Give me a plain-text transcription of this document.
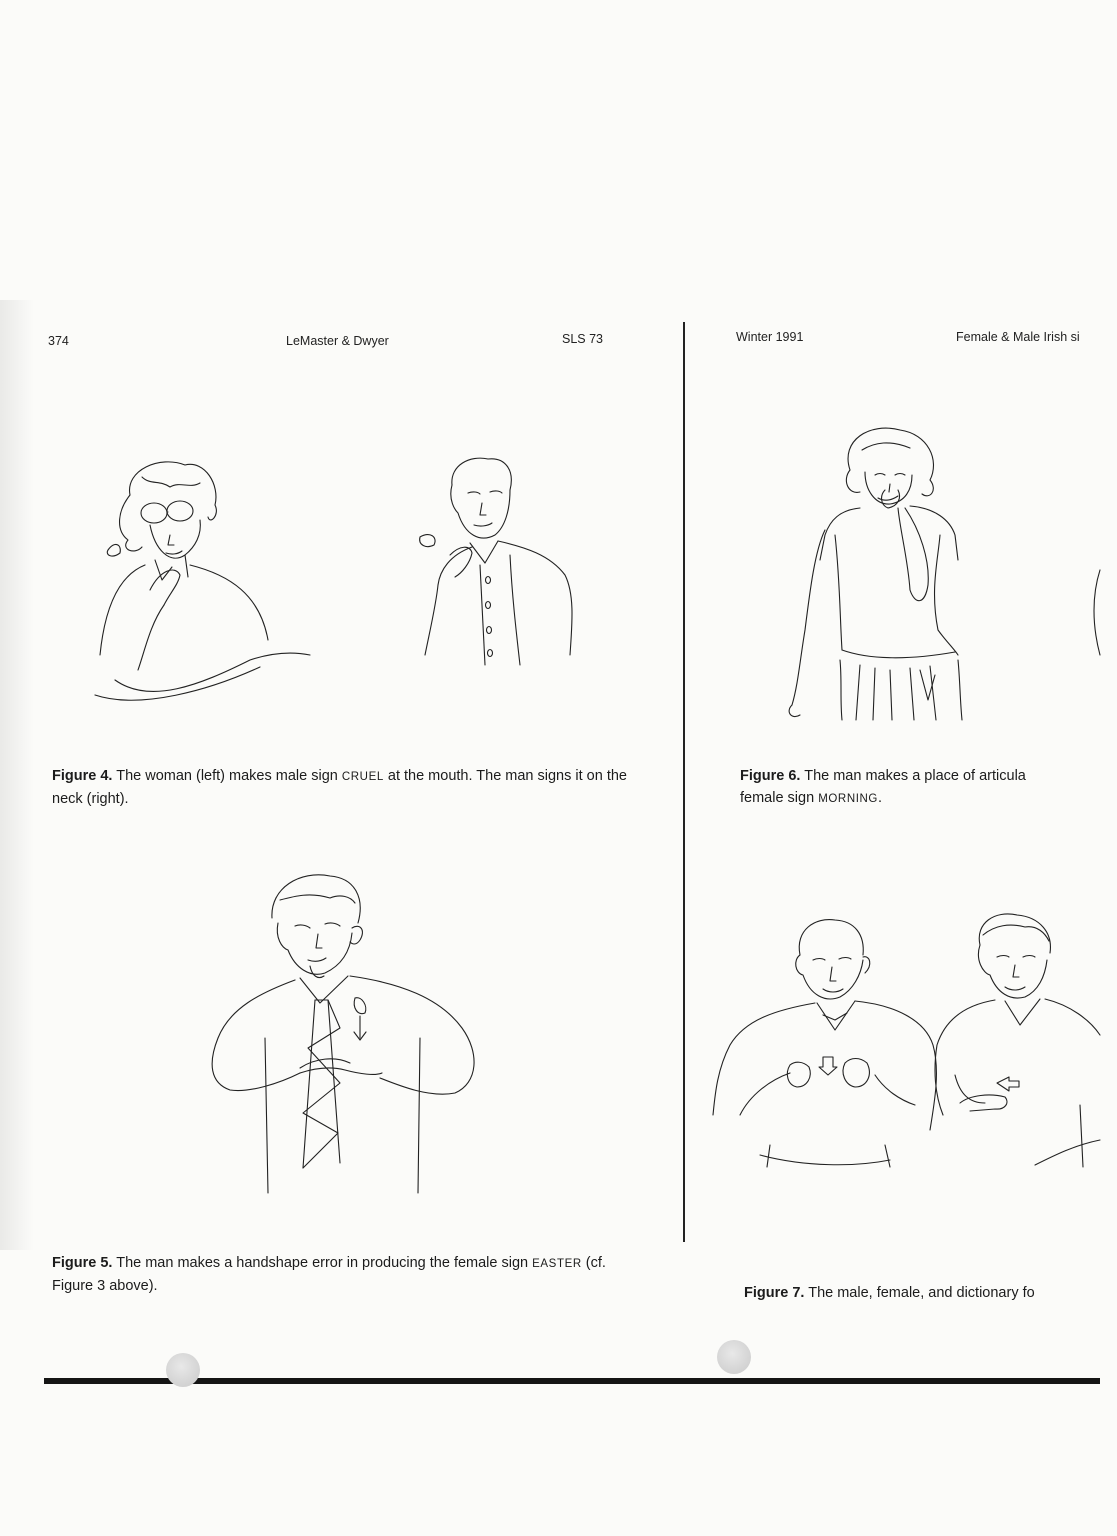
374	LeMaster & Dwyer	SLS 73	Winter 1991	Female & Male Irish si
Figure 4. The woman (left) makes male sign CRUEL at the mouth. The man signs it on the neck (right).
Figure 5. The man makes a handshape error in producing the female sign EASTER (cf. Figure 3 above).
Figure 6. The man makes a place of articula
female sign MORNING.
Figure 7. The male, female, and dictionary fo
